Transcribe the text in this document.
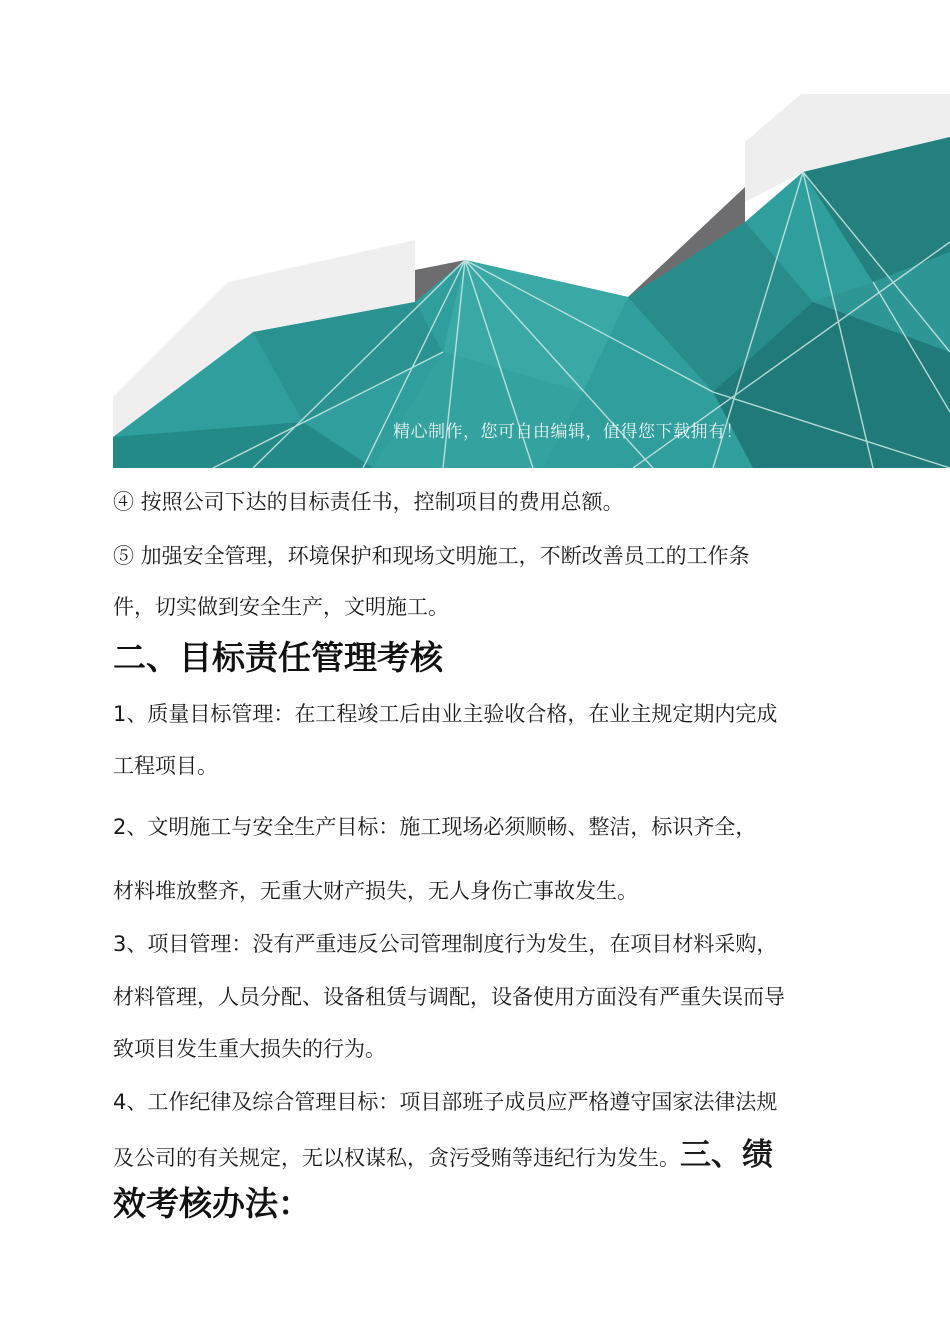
精心制作，您可自由编辑，值得您下载拥有！
④ 按照公司下达的目标责任书，控制项目的费用总额。
⑤ 加强安全管理，环境保护和现场文明施工，不断改善员工的工作条
件，切实做到安全生产，文明施工。
二、目标责任管理考核
1、质量目标管理：在工程竣工后由业主验收合格，在业主规定期内完成
工程项目。
2、文明施工与安全生产目标：施工现场必须顺畅、整洁，标识齐全，
材料堆放整齐，无重大财产损失，无人身伤亡事故发生。
3、项目管理：没有严重违反公司管理制度行为发生，在项目材料采购，
材料管理，人员分配、设备租赁与调配，设备使用方面没有严重失误而导
致项目发生重大损失的行为。
4、工作纪律及综合管理目标：项目部班子成员应严格遵守国家法律法规
及公司的有关规定，无以权谋私，贪污受贿等违纪行为发生。三、绩
效考核办法：
